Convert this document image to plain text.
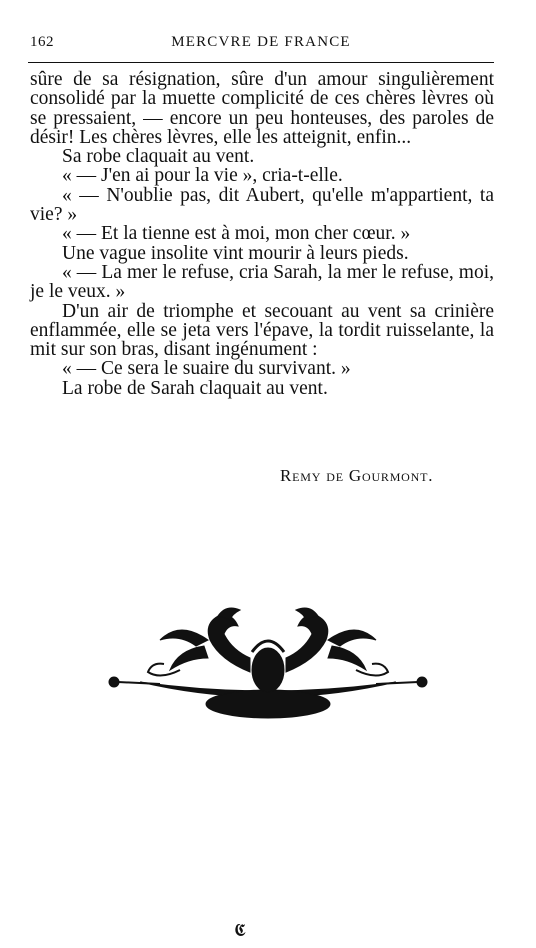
162	MERCVRE DE FRANCE

sûre de sa résignation, sûre d'un amour singulièrement consolidé par la muette complicité de ces chères lèvres où se pressaient, — encore un peu honteuses, des paroles de désir! Les chères lèvres, elle les atteignit, enfin...

Sa robe claquait au vent.

« — J'en ai pour la vie », cria-t-elle.

« — N'oublie pas, dit Aubert, qu'elle m'appartient, ta vie? »

« — Et la tienne est à moi, mon cher cœur. »

Une vague insolite vint mourir à leurs pieds.

« — La mer le refuse, cria Sarah, la mer le refuse, moi, je le veux. »

D'un air de triomphe et secouant au vent sa crinière enflammée, elle se jeta vers l'épave, la tordit ruisselante, la mit sur son bras, disant ingénument :

« — Ce sera le suaire du survivant. »

La robe de Sarah claquait au vent.

Remy de Gourmont.
𝕮
